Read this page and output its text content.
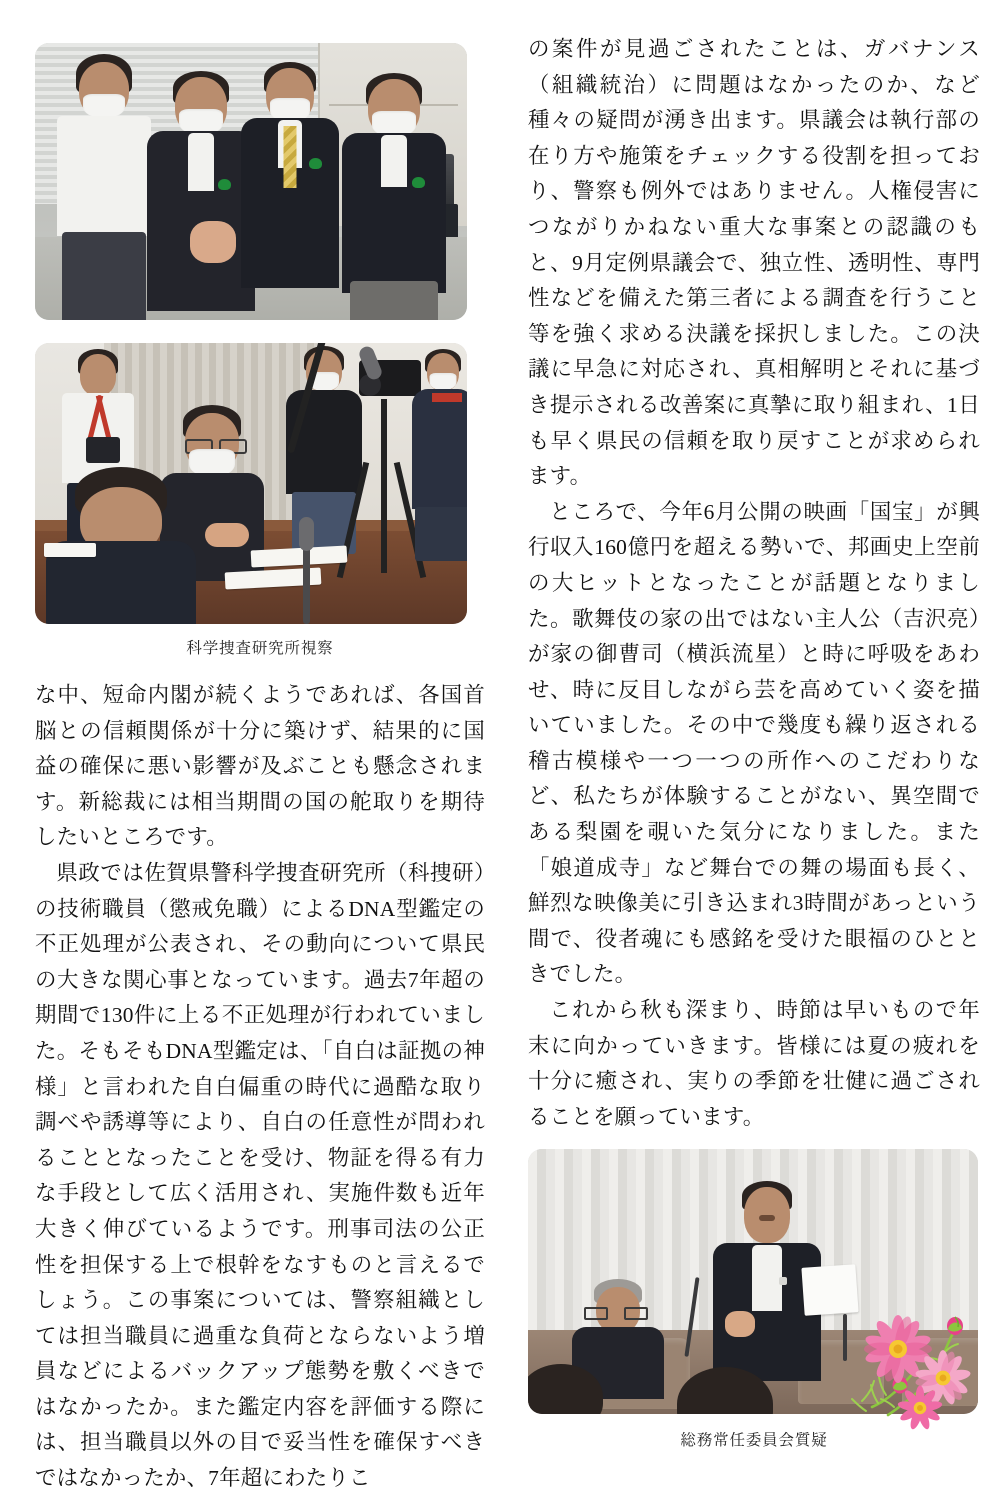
科学捜査研究所視察

な中、短命内閣が続くようであれば、各国首脳との信頼関係が十分に築けず、結果的に国益の確保に悪い影響が及ぶことも懸念されます。新総裁には相当期間の国の舵取りを期待したいところです。

県政では佐賀県警科学捜査研究所（科捜研）の技術職員（懲戒免職）によるDNA型鑑定の不正処理が公表され、その動向について県民の大きな関心事となっています。過去7年超の期間で130件に上る不正処理が行われていました。そもそもDNA型鑑定は、「自白は証拠の神様」と言われた自白偏重の時代に過酷な取り調べや誘導等により、自白の任意性が問われることとなったことを受け、物証を得る有力な手段として広く活用され、実施件数も近年大きく伸びているようです。刑事司法の公正性を担保する上で根幹をなすものと言えるでしょう。この事案については、警察組織としては担当職員に過重な負荷とならないよう増員などによるバックアップ態勢を敷くべきではなかったか。また鑑定内容を評価する際には、担当職員以外の目で妥当性を確保すべきではなかったか、7年超にわたりこ

の案件が見過ごされたことは、ガバナンス（組織統治）に問題はなかったのか、など種々の疑問が湧き出ます。県議会は執行部の在り方や施策をチェックする役割を担っており、警察も例外ではありません。人権侵害につながりかねない重大な事案との認識のもと、9月定例県議会で、独立性、透明性、専門性などを備えた第三者による調査を行うこと等を強く求める決議を採択しました。この決議に早急に対応され、真相解明とそれに基づき提示される改善案に真摯に取り組まれ、1日も早く県民の信頼を取り戻すことが求められます。

ところで、今年6月公開の映画「国宝」が興行収入160億円を超える勢いで、邦画史上空前の大ヒットとなったことが話題となりました。歌舞伎の家の出ではない主人公（吉沢亮）が家の御曹司（横浜流星）と時に呼吸をあわせ、時に反目しながら芸を高めていく姿を描いていました。その中で幾度も繰り返される稽古模様や一つ一つの所作へのこだわりなど、私たちが体験することがない、異空間である梨園を覗いた気分になりました。また「娘道成寺」など舞台での舞の場面も長く、鮮烈な映像美に引き込まれ3時間があっという間で、役者魂にも感銘を受けた眼福のひとときでした。

これから秋も深まり、時節は早いもので年末に向かっていきます。皆様には夏の疲れを十分に癒され、実りの季節を壮健に過ごされることを願っています。

総務常任委員会質疑
